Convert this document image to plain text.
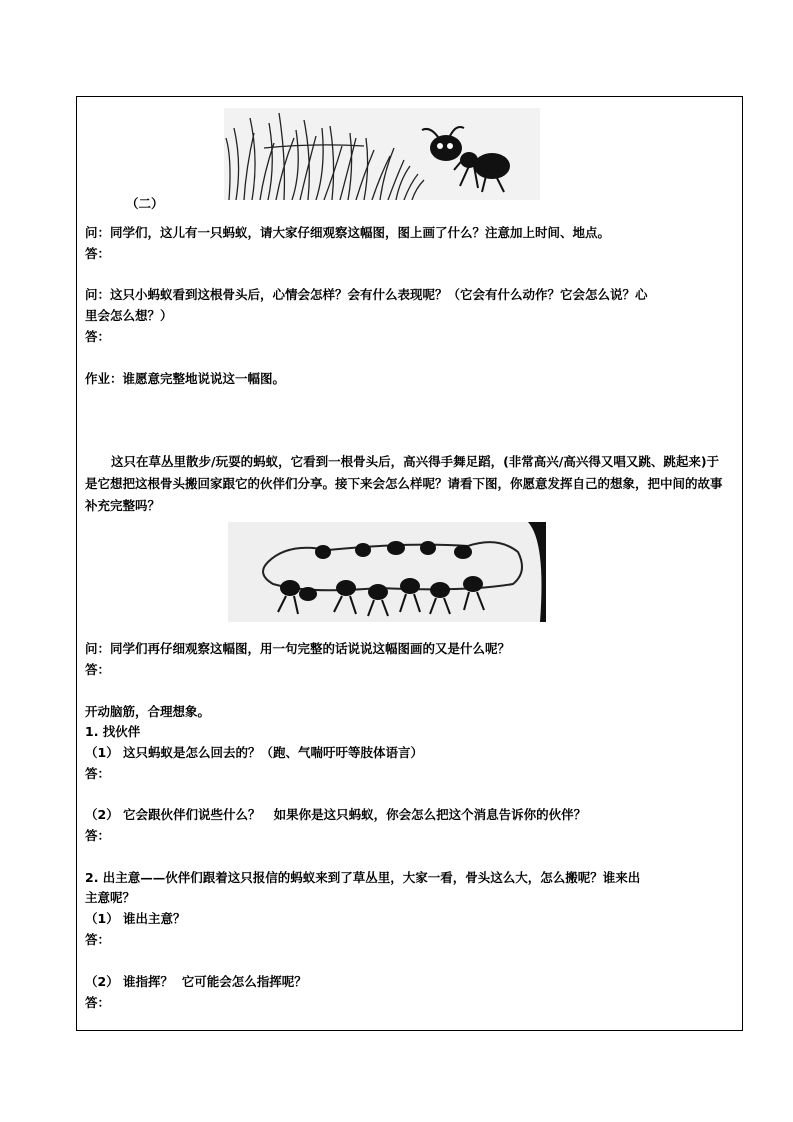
（二）
问：同学们，这儿有一只蚂蚁，请大家仔细观察这幅图，图上画了什么？注意加上时间、地点。
答：
问：这只小蚂蚁看到这根骨头后，心情会怎样？会有什么表现呢？（它会有什么动作？它会怎么说？心
里会怎么想？）
答：
作业：谁愿意完整地说说这一幅图。
这只在草丛里散步/玩耍的蚂蚁，它看到一根骨头后，高兴得手舞足蹈，(非常高兴/高兴得又唱又跳、跳起来)于是它想把这根骨头搬回家跟它的伙伴们分享。接下来会怎么样呢？请看下图，你愿意发挥自己的想象，把中间的故事补充完整吗？
问：同学们再仔细观察这幅图，用一句完整的话说说这幅图画的又是什么呢？
答：
开动脑筋，合理想象。
1. 找伙伴
（1） 这只蚂蚁是怎么回去的？（跑、气喘吁吁等肢体语言）
答：
（2） 它会跟伙伴们说些什么？   如果你是这只蚂蚁，你会怎么把这个消息告诉你的伙伴？
答：
2. 出主意——伙伴们跟着这只报信的蚂蚁来到了草丛里，大家一看，骨头这么大，怎么搬呢？谁来出
主意呢？
（1） 谁出主意？
答：
（2） 谁指挥？  它可能会怎么指挥呢？
答：
